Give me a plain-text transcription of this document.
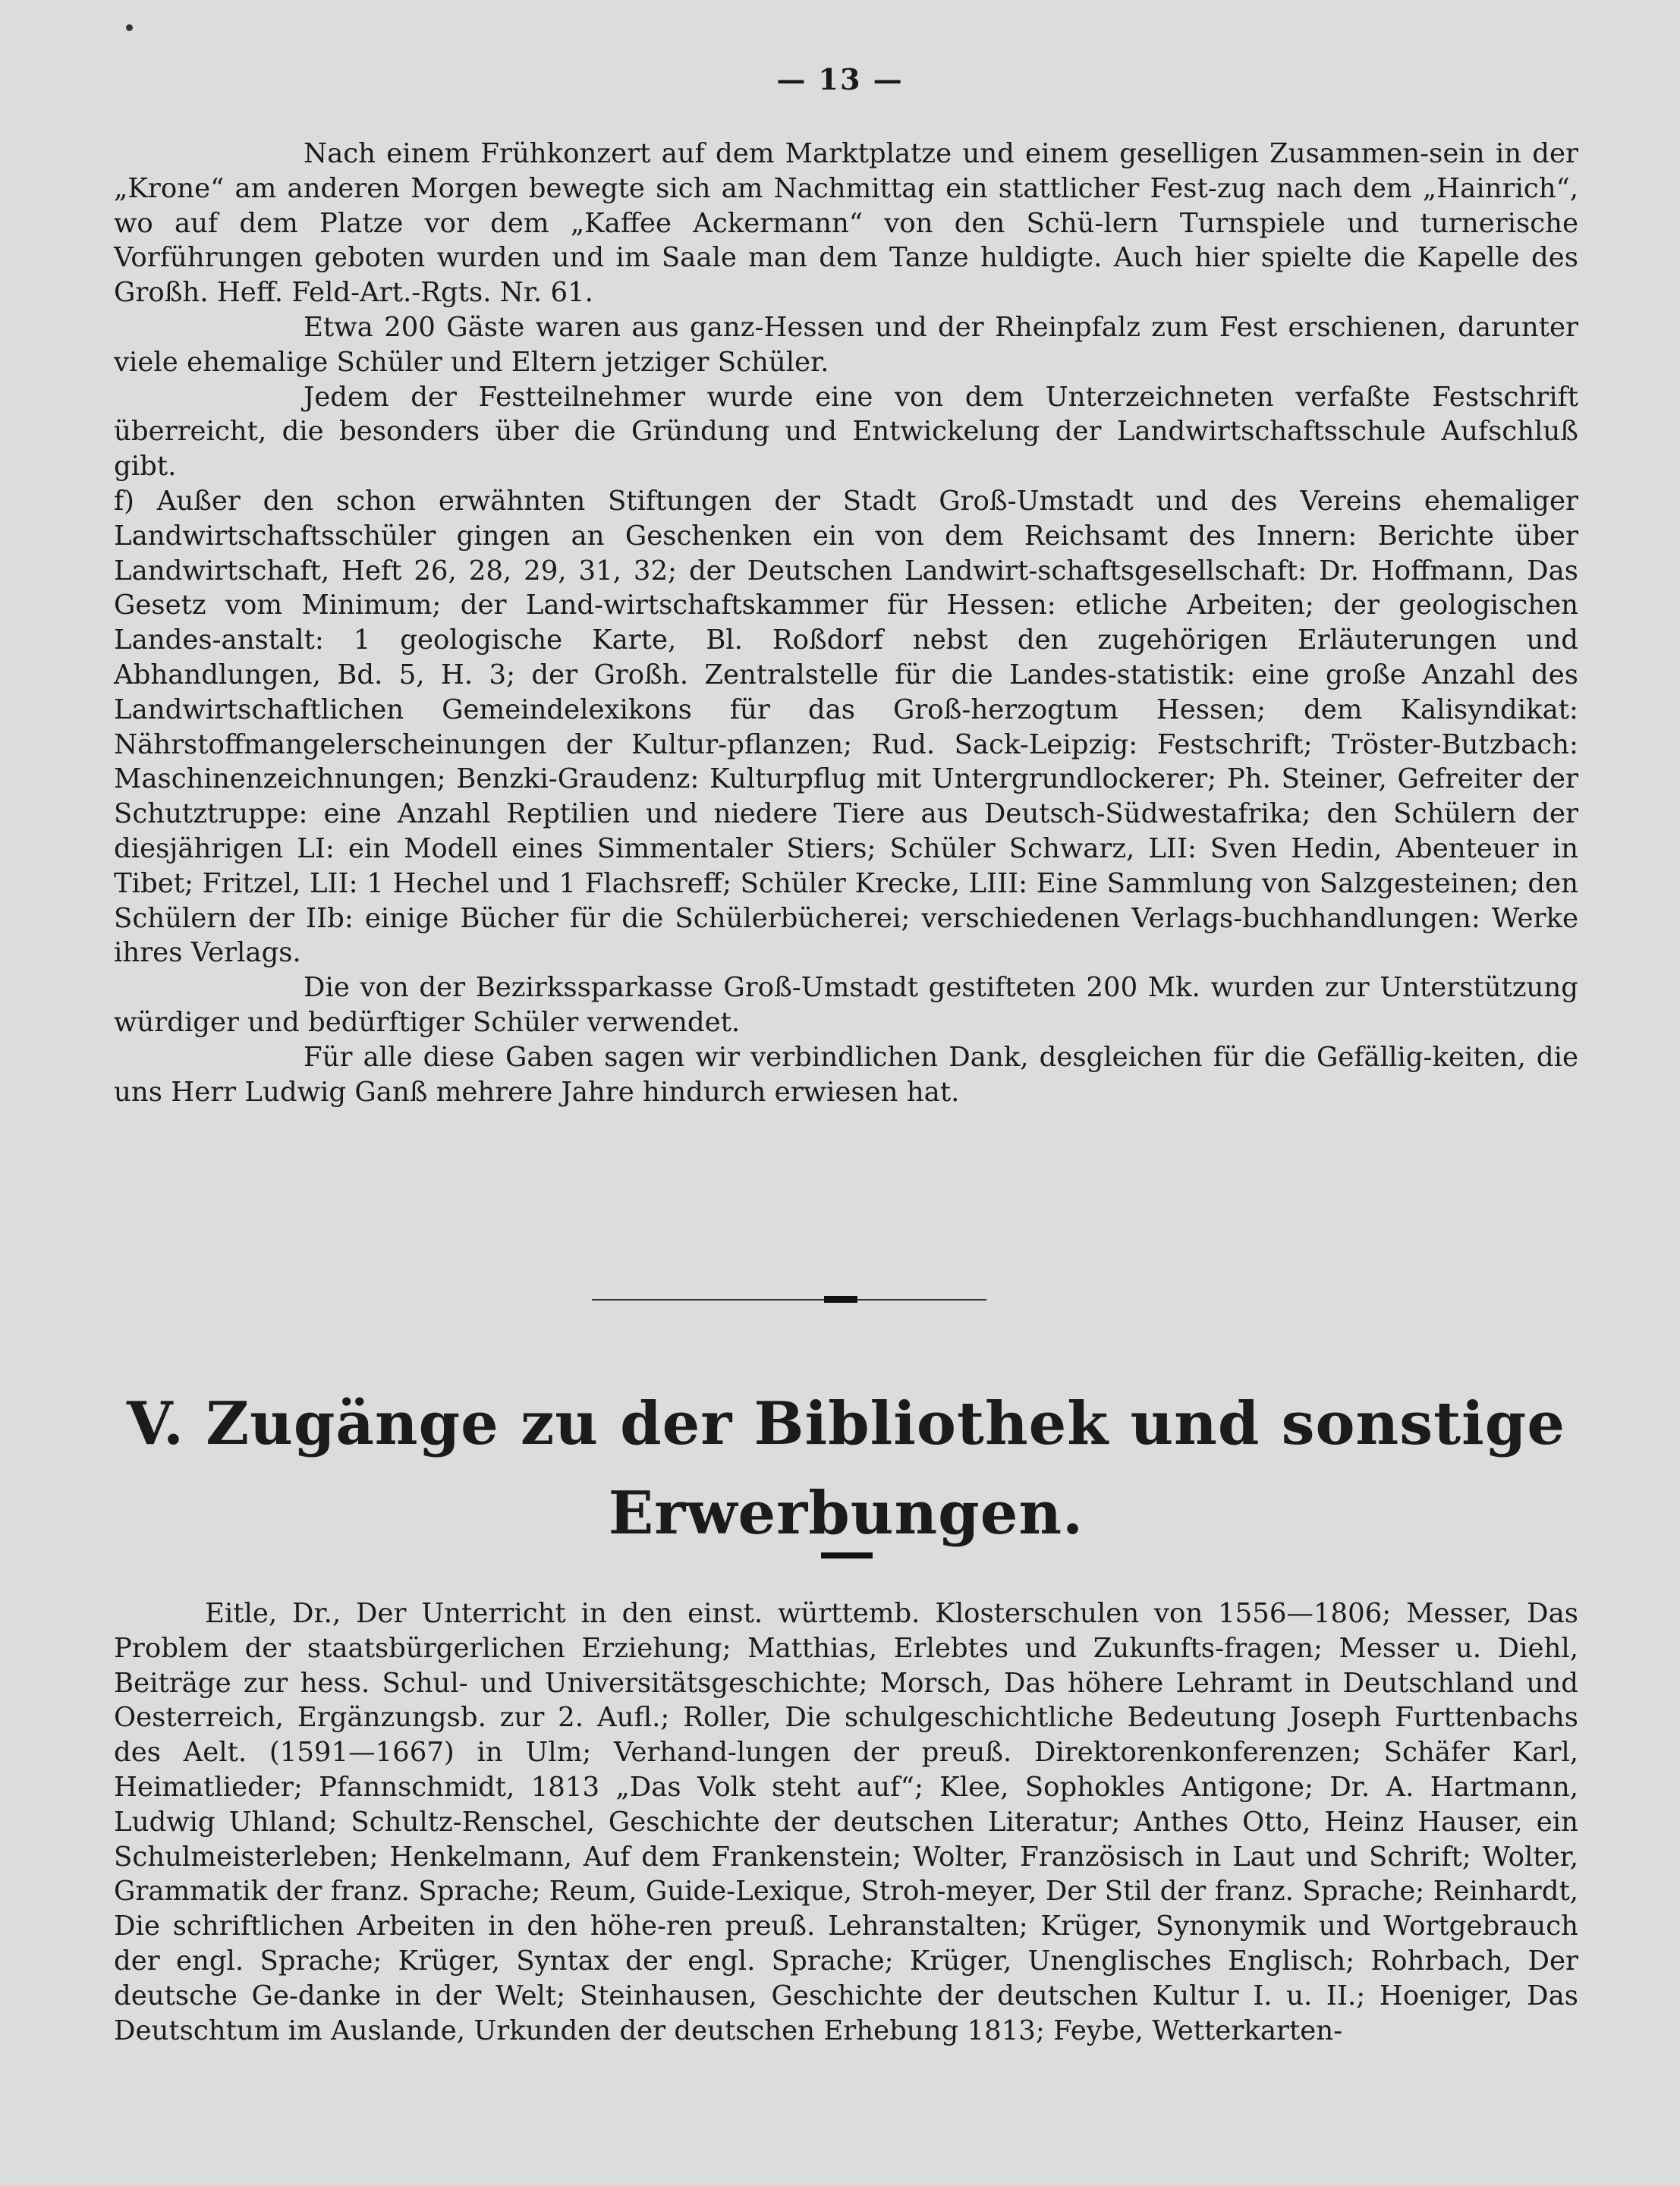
— 13 —

Nach einem Frühkonzert auf dem Marktplatze und einem geselligen Zusammen-sein in der „Krone“ am anderen Morgen bewegte sich am Nachmittag ein stattlicher Fest-zug nach dem „Hainrich“, wo auf dem Platze vor dem „Kaffee Ackermann“ von den Schü-lern Turnspiele und turnerische Vorführungen geboten wurden und im Saale man dem Tanze huldigte. Auch hier spielte die Kapelle des Großh. Heff. Feld-Art.-Rgts. Nr. 61.

Etwa 200 Gäste waren aus ganz-Hessen und der Rheinpfalz zum Fest erschienen, darunter viele ehemalige Schüler und Eltern jetziger Schüler.

Jedem der Festteilnehmer wurde eine von dem Unterzeichneten verfaßte Festschrift überreicht, die besonders über die Gründung und Entwickelung der Landwirtschaftsschule Aufschluß gibt.

f) Außer den schon erwähnten Stiftungen der Stadt Groß-Umstadt und des Vereins ehemaliger Landwirtschaftsschüler gingen an Geschenken ein von dem Reichsamt des Innern: Berichte über Landwirtschaft, Heft 26, 28, 29, 31, 32; der Deutschen Landwirt-schaftsgesellschaft: Dr. Hoffmann, Das Gesetz vom Minimum; der Land-wirtschaftskammer für Hessen: etliche Arbeiten; der geologischen Landes-anstalt: 1 geologische Karte, Bl. Roßdorf nebst den zugehörigen Erläuterungen und Abhandlungen, Bd. 5, H. 3; der Großh. Zentralstelle für die Landes-statistik: eine große Anzahl des Landwirtschaftlichen Gemeindelexikons für das Groß-herzogtum Hessen; dem Kalisyndikat: Nährstoffmangelerscheinungen der Kultur-pflanzen; Rud. Sack-Leipzig: Festschrift; Tröster-Butzbach: Maschinenzeichnungen; Benzki-Graudenz: Kulturpflug mit Untergrundlockerer; Ph. Steiner, Gefreiter der Schutztruppe: eine Anzahl Reptilien und niedere Tiere aus Deutsch-Südwestafrika; den Schülern der diesjährigen LI: ein Modell eines Simmentaler Stiers; Schüler Schwarz, LII: Sven Hedin, Abenteuer in Tibet; Fritzel, LII: 1 Hechel und 1 Flachsreff; Schüler Krecke, LIII: Eine Sammlung von Salzgesteinen; den Schülern der IIb: einige Bücher für die Schülerbücherei; verschiedenen Verlags-buchhandlungen: Werke ihres Verlags.

Die von der Bezirkssparkasse Groß-Umstadt gestifteten 200 Mk. wurden zur Unterstützung würdiger und bedürftiger Schüler verwendet.

Für alle diese Gaben sagen wir verbindlichen Dank, desgleichen für die Gefällig-keiten, die uns Herr Ludwig Ganß mehrere Jahre hindurch erwiesen hat.

V. Zugänge zu der Bibliothek und sonstige
Erwerbungen.

Eitle, Dr., Der Unterricht in den einst. württemb. Klosterschulen von 1556—1806; Messer, Das Problem der staatsbürgerlichen Erziehung; Matthias, Erlebtes und Zukunfts-fragen; Messer u. Diehl, Beiträge zur hess. Schul- und Universitätsgeschichte; Morsch, Das höhere Lehramt in Deutschland und Oesterreich, Ergänzungsb. zur 2. Aufl.; Roller, Die schulgeschichtliche Bedeutung Joseph Furttenbachs des Aelt. (1591—1667) in Ulm; Verhand-lungen der preuß. Direktorenkonferenzen; Schäfer Karl, Heimatlieder; Pfannschmidt, 1813 „Das Volk steht auf“; Klee, Sophokles Antigone; Dr. A. Hartmann, Ludwig Uhland; Schultz-Renschel, Geschichte der deutschen Literatur; Anthes Otto, Heinz Hauser, ein Schulmeisterleben; Henkelmann, Auf dem Frankenstein; Wolter, Französisch in Laut und Schrift; Wolter, Grammatik der franz. Sprache; Reum, Guide-Lexique, Stroh-meyer, Der Stil der franz. Sprache; Reinhardt, Die schriftlichen Arbeiten in den höhe-ren preuß. Lehranstalten; Krüger, Synonymik und Wortgebrauch der engl. Sprache; Krüger, Syntax der engl. Sprache; Krüger, Unenglisches Englisch; Rohrbach, Der deutsche Ge-danke in der Welt; Steinhausen, Geschichte der deutschen Kultur I. u. II.; Hoeniger, Das Deutschtum im Auslande, Urkunden der deutschen Erhebung 1813; Feybe, Wetterkarten-
